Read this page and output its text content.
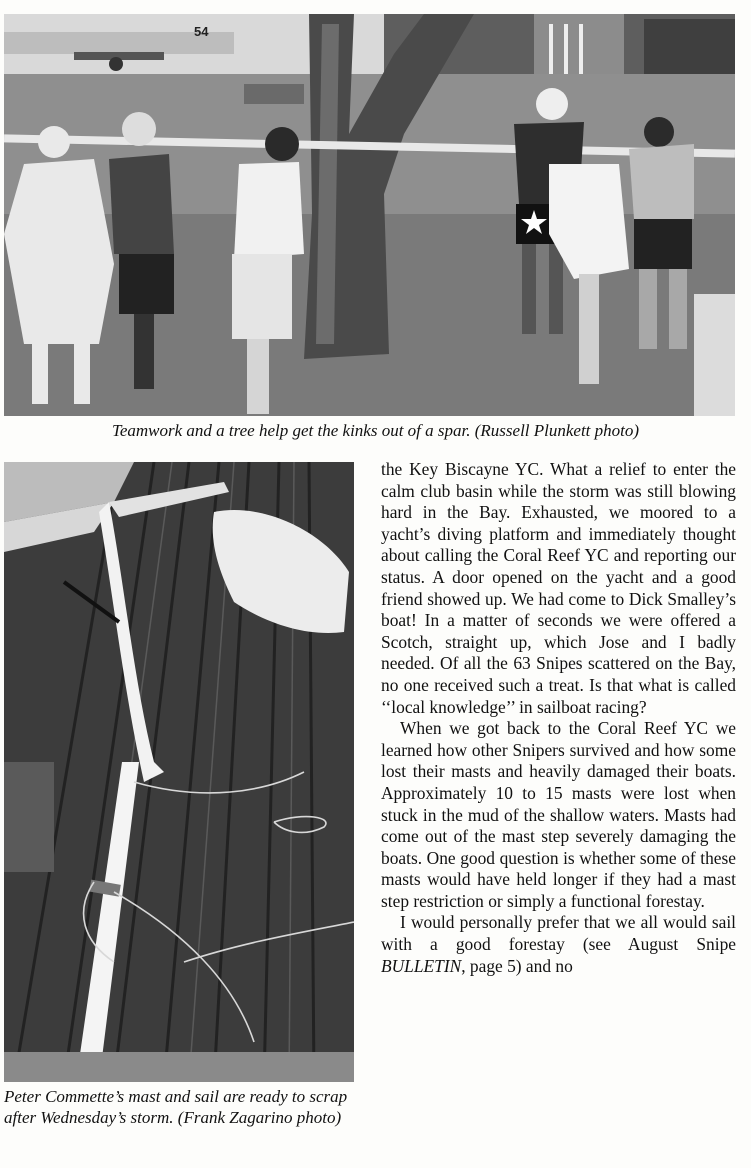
54
Teamwork and a tree help get the kinks out of a spar. (Russell Plunkett photo)
Peter Commette’s mast and sail are ready to scrap after Wednesday’s storm. (Frank Zagarino photo)

the Key Biscayne YC. What a relief to enter the calm club basin while the storm was still blowing hard in the Bay. Exhausted, we moored to a yacht’s diving platform and immediately thought about calling the Coral Reef YC and reporting our status. A door opened on the yacht and a good friend showed up. We had come to Dick Smalley’s boat! In a matter of seconds we were offered a Scotch, straight up, which Jose and I badly needed. Of all the 63 Snipes scattered on the Bay, no one received such a treat. Is that what is called ‘‘local knowledge’’ in sailboat racing?

When we got back to the Coral Reef YC we learned how other Snipers survived and how some lost their masts and heavily damaged their boats. Approximately 10 to 15 masts were lost when stuck in the mud of the shallow waters. Masts had come out of the mast step severely damaging the boats. One good question is whether some of these masts would have held longer if they had a mast step restriction or simply a functional forestay.

I would personally prefer that we all would sail with a good forestay (see August Snipe BULLETIN, page 5) and no
